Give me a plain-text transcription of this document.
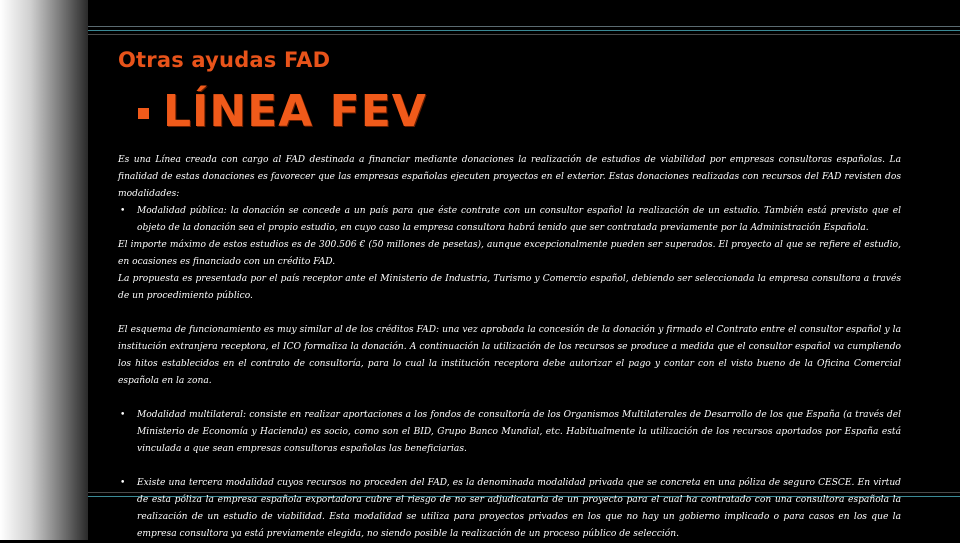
Otras ayudas FAD
LÍNEA FEV

Es una Línea creada con cargo al FAD destinada a financiar mediante donaciones la realización de estudios de viabilidad por empresas consultoras españolas. La finalidad de estas donaciones es favorecer que las empresas españolas ejecuten proyectos en el exterior. Estas donaciones realizadas con recursos del FAD revisten dos modalidades:

• Modalidad pública: la donación se concede a un país para que éste contrate con un consultor español la realización de un estudio. También está previsto que el objeto de la donación sea el propio estudio, en cuyo caso la empresa consultora habrá tenido que ser contratada previamente por la Administración Española.

El importe máximo de estos estudios es de 300.506 € (50 millones de pesetas), aunque excepcionalmente pueden ser superados. El proyecto al que se refiere el estudio, en ocasiones es financiado con un crédito FAD.

La propuesta es presentada por el país receptor ante el Ministerio de Industria, Turismo y Comercio español, debiendo ser seleccionada la empresa consultora a través de un procedimiento público.

El esquema de funcionamiento es muy similar al de los créditos FAD: una vez aprobada la concesión de la donación y firmado el Contrato entre el consultor español y la institución extranjera receptora, el ICO formaliza la donación. A continuación la utilización de los recursos se produce a medida que el consultor español va cumpliendo los hitos establecidos en el contrato de consultoría, para lo cual la institución receptora debe autorizar el pago y contar con el visto bueno de la Oficina Comercial española en la zona.

• Modalidad multilateral: consiste en realizar aportaciones a los fondos de consultoría de los Organismos Multilaterales de Desarrollo de los que España (a través del Ministerio de Economía y Hacienda) es socio, como son el BID, Grupo Banco Mundial, etc. Habitualmente la utilización de los recursos aportados por España está vinculada a que sean empresas consultoras españolas las beneficiarias.

• Existe una tercera modalidad cuyos recursos no proceden del FAD, es la denominada modalidad privada que se concreta en una póliza de seguro CESCE. En virtud de esta póliza la empresa española exportadora cubre el riesgo de no ser adjudicataria de un proyecto para el cual ha contratado con una consultora española la realización de un estudio de viabilidad. Esta modalidad se utiliza para proyectos privados en los que no hay un gobierno implicado o para casos en los que la empresa consultora ya está previamente elegida, no siendo posible la realización de un proceso público de selección.
